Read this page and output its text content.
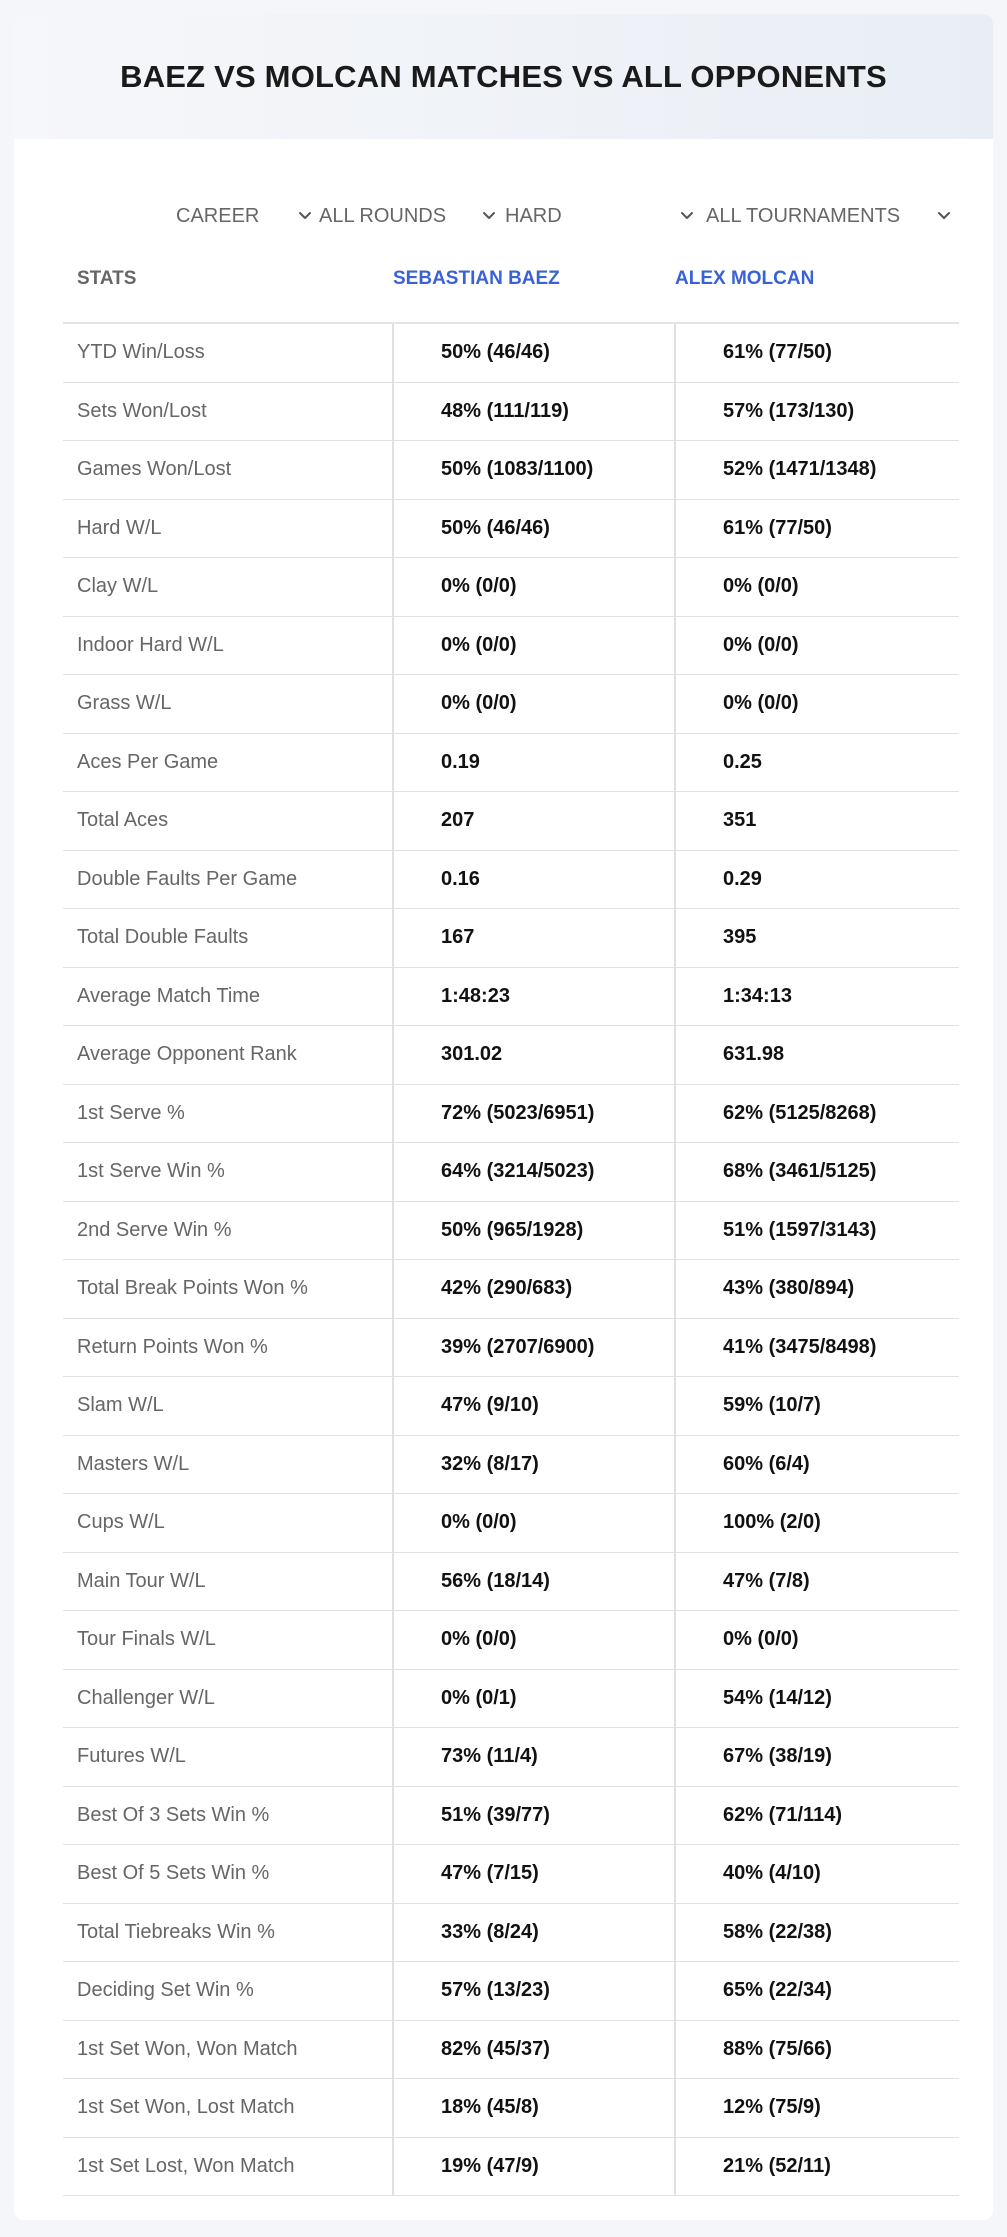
BAEZ VS MOLCAN MATCHES VS ALL OPPONENTS
CAREER	ALL ROUNDS	HARD	ALL TOURNAMENTS
STATS	SEBASTIAN BAEZ	ALEX MOLCAN
YTD Win/Loss	50% (46/46)	61% (77/50)
Sets Won/Lost	48% (111/119)	57% (173/130)
Games Won/Lost	50% (1083/1100)	52% (1471/1348)
Hard W/L	50% (46/46)	61% (77/50)
Clay W/L	0% (0/0)	0% (0/0)
Indoor Hard W/L	0% (0/0)	0% (0/0)
Grass W/L	0% (0/0)	0% (0/0)
Aces Per Game	0.19	0.25
Total Aces	207	351
Double Faults Per Game	0.16	0.29
Total Double Faults	167	395
Average Match Time	1:48:23	1:34:13
Average Opponent Rank	301.02	631.98
1st Serve %	72% (5023/6951)	62% (5125/8268)
1st Serve Win %	64% (3214/5023)	68% (3461/5125)
2nd Serve Win %	50% (965/1928)	51% (1597/3143)
Total Break Points Won %	42% (290/683)	43% (380/894)
Return Points Won %	39% (2707/6900)	41% (3475/8498)
Slam W/L	47% (9/10)	59% (10/7)
Masters W/L	32% (8/17)	60% (6/4)
Cups W/L	0% (0/0)	100% (2/0)
Main Tour W/L	56% (18/14)	47% (7/8)
Tour Finals W/L	0% (0/0)	0% (0/0)
Challenger W/L	0% (0/1)	54% (14/12)
Futures W/L	73% (11/4)	67% (38/19)
Best Of 3 Sets Win %	51% (39/77)	62% (71/114)
Best Of 5 Sets Win %	47% (7/15)	40% (4/10)
Total Tiebreaks Win %	33% (8/24)	58% (22/38)
Deciding Set Win %	57% (13/23)	65% (22/34)
1st Set Won, Won Match	82% (45/37)	88% (75/66)
1st Set Won, Lost Match	18% (45/8)	12% (75/9)
1st Set Lost, Won Match	19% (47/9)	21% (52/11)
